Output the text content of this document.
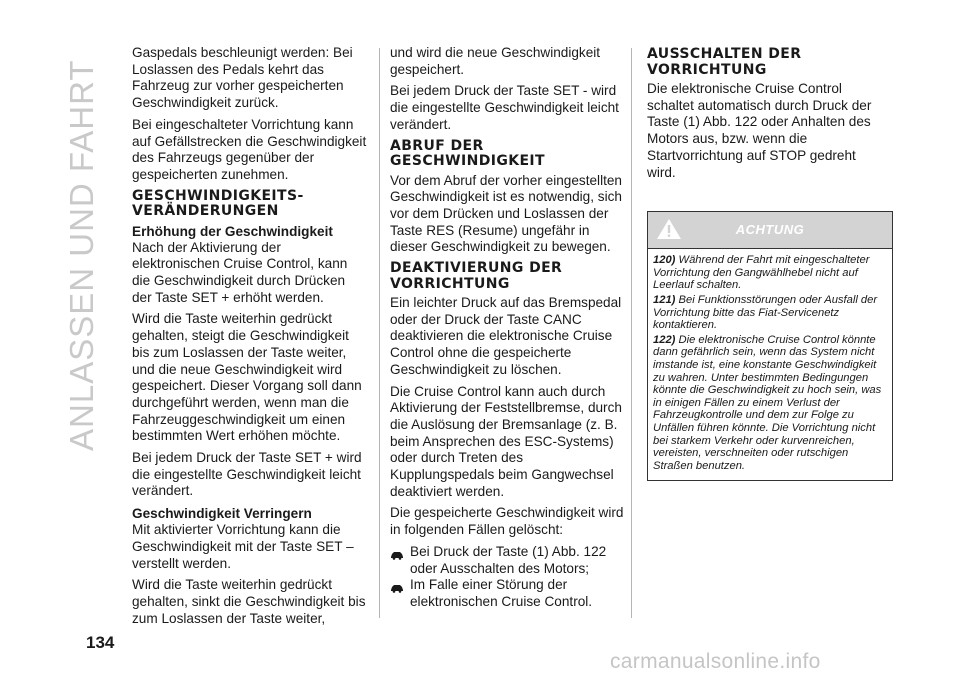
ANLASSEN UND FAHRT
134

Gaspedals beschleunigt werden: Bei Loslassen des Pedals kehrt das Fahrzeug zur vorher gespeicherten Geschwindigkeit zurück.

Bei eingeschalteter Vorrichtung kann auf Gefällstrecken die Geschwindigkeit des Fahrzeugs gegenüber der gespeicherten zunehmen.

GESCHWINDIGKEITS-VERÄNDERUNGEN
Erhöhung der Geschwindigkeit

Nach der Aktivierung der elektronischen Cruise Control, kann die Geschwindigkeit durch Drücken der Taste SET + erhöht werden.

Wird die Taste weiterhin gedrückt gehalten, steigt die Geschwindigkeit bis zum Loslassen der Taste weiter, und die neue Geschwindigkeit wird gespeichert. Dieser Vorgang soll dann durchgeführt werden, wenn man die Fahrzeuggeschwindigkeit um einen bestimmten Wert erhöhen möchte.

Bei jedem Druck der Taste SET + wird die eingestellte Geschwindigkeit leicht verändert.

Geschwindigkeit Verringern

Mit aktivierter Vorrichtung kann die Geschwindigkeit mit der Taste SET – verstellt werden.

Wird die Taste weiterhin gedrückt gehalten, sinkt die Geschwindigkeit bis zum Loslassen der Taste weiter,

und wird die neue Geschwindigkeit gespeichert.

Bei jedem Druck der Taste SET - wird die eingestellte Geschwindigkeit leicht verändert.

ABRUF DER GESCHWINDIGKEIT

Vor dem Abruf der vorher eingestellten Geschwindigkeit ist es notwendig, sich vor dem Drücken und Loslassen der Taste RES (Resume) ungefähr in dieser Geschwindigkeit zu bewegen.

DEAKTIVIERUNG DER VORRICHTUNG

Ein leichter Druck auf das Bremspedal oder der Druck der Taste CANC deaktivieren die elektronische Cruise Control ohne die gespeicherte Geschwindigkeit zu löschen.

Die Cruise Control kann auch durch Aktivierung der Feststellbremse, durch die Auslösung der Bremsanlage (z. B. beim Ansprechen des ESC-Systems) oder durch Treten des Kupplungspedals beim Gangwechsel deaktiviert werden.

Die gespeicherte Geschwindigkeit wird in folgenden Fällen gelöscht:

Bei Druck der Taste (1) Abb. 122 oder Ausschalten des Motors;
Im Falle einer Störung der elektronischen Cruise Control.
AUSSCHALTEN DER VORRICHTUNG

Die elektronische Cruise Control schaltet automatisch durch Druck der Taste (1) Abb. 122 oder Anhalten des Motors aus, bzw. wenn die Startvorrichtung auf STOP gedreht wird.

ACHTUNG

120) Während der Fahrt mit eingeschalteter Vorrichtung den Gangwählhebel nicht auf Leerlauf schalten.

121) Bei Funktionsstörungen oder Ausfall der Vorrichtung bitte das Fiat-Servicenetz kontaktieren.

122) Die elektronische Cruise Control könnte dann gefährlich sein, wenn das System nicht imstande ist, eine konstante Geschwindigkeit zu wahren. Unter bestimmten Bedingungen könnte die Geschwindigkeit zu hoch sein, was in einigen Fällen zu einem Verlust der Fahrzeugkontrolle und dem zur Folge zu Unfällen führen könnte. Die Vorrichtung nicht bei starkem Verkehr oder kurvenreichen, vereisten, verschneiten oder rutschigen Straßen benutzen.

carmanualsonline.info
